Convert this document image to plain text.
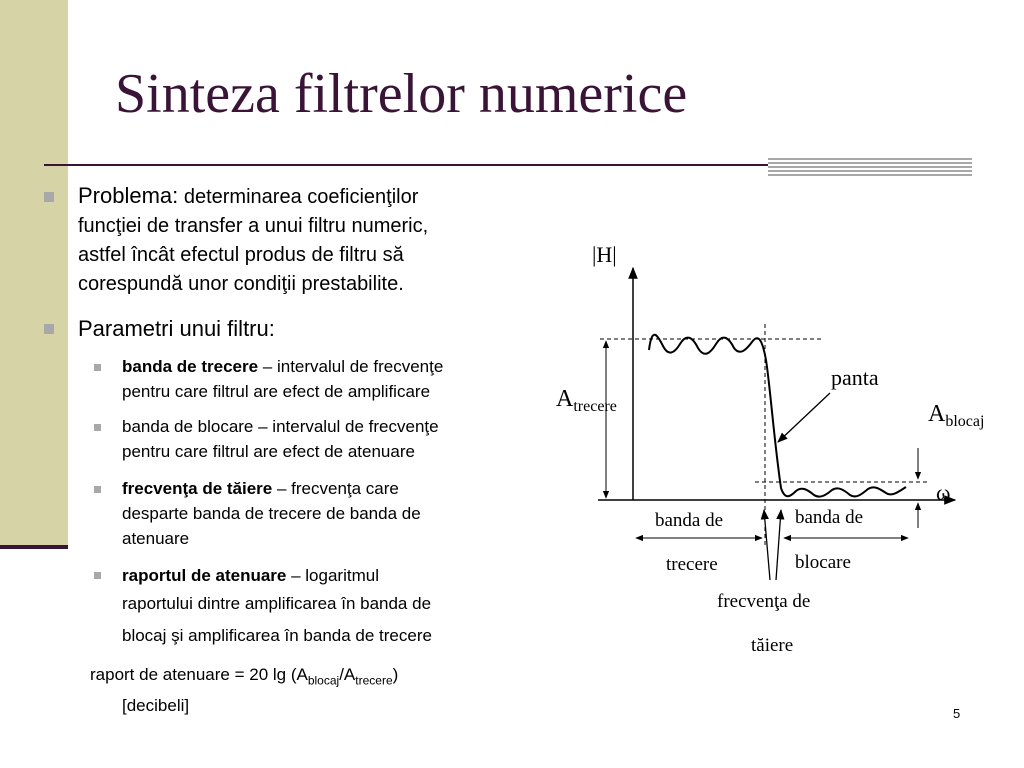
Sinteza filtrelor numerice
Problema: determinarea coeficienţilor
funcţiei de transfer a unui filtru numeric,
astfel încât efectul produs de filtru să
corespundă unor condiţii prestabilite.
Parametri unui filtru:
banda de trecere – intervalul de frecvenţe
pentru care filtrul are efect de amplificare
banda de blocare – intervalul de frecvenţe
pentru care filtrul are efect de atenuare
frecvenţa de tăiere – frecvenţa care
desparte banda de trecere de banda de
atenuare
raportul de atenuare – logaritmul
raportului dintre amplificarea în banda de
blocaj şi amplificarea în banda de trecere
raport de atenuare = 20 $\lg (A_{blocaj}/A_{trecere})$
[decibeli]
|H|
$A_{trecere}$	$A_{blocaj}$
panta
ω
banda de
trecere
banda de
blocare
frecvenţa de
tăiere
5
